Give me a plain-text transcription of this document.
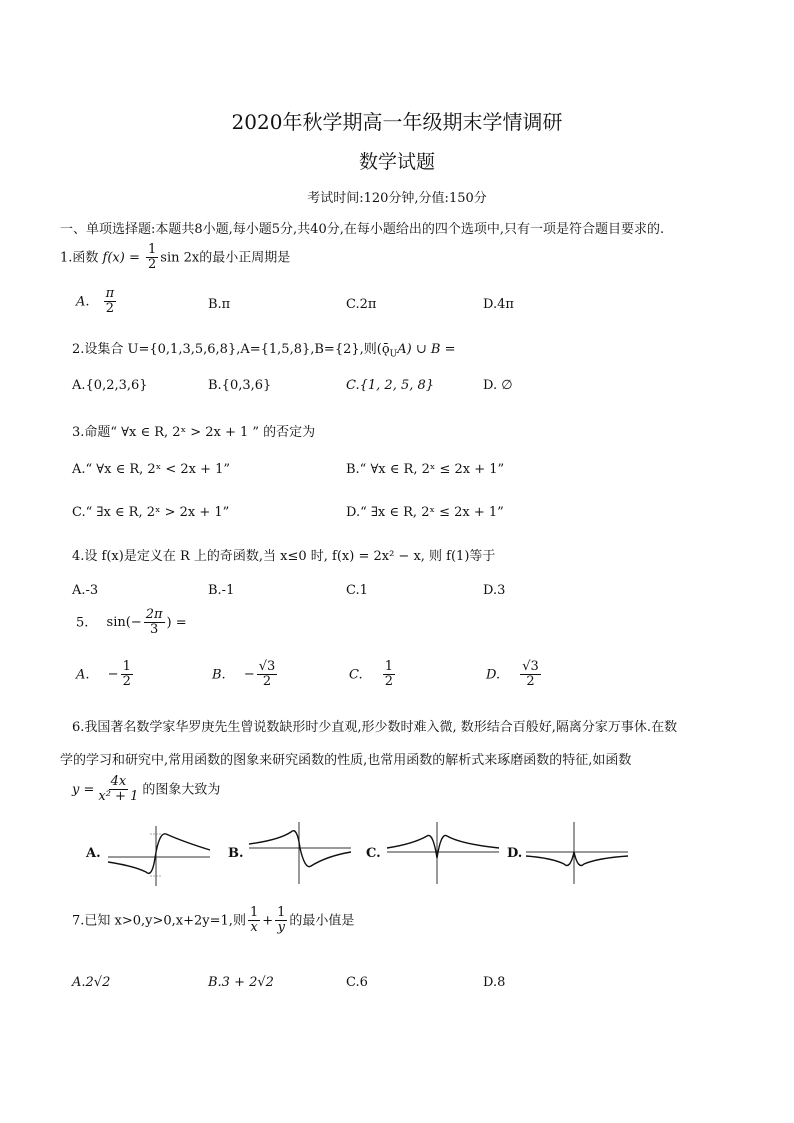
2020年秋学期高一年级期末学情调研
数学试题
考试时间:120分钟,分值:150分
一、单项选择题:本题共8小题,每小题5分,共40分,在每小题给出的四个选项中,只有一项是符合题目要求的.
1.函数 $f(x) = \frac{1}{2}$ sin 2x的最小正周期是
A. $\frac{\pi}{2}$	B.π	C.2π	D.4π
2.设集合 U={0,1,3,5,6,8},A={1,5,8},B={2},则$(ǭ_UA)$ ∪ B =
A.{0,2,3,6}	B.{0,3,6}	C.{1, 2, 5, 8}	D. ∅
3.命题“ ∀x ∈ R, 2ˣ > 2x + 1 ” 的否定为
A.“ ∀x ∈ R, 2ˣ < 2x + 1”	B.“ ∀x ∈ R, 2ˣ ≤ 2x + 1”
C.“ ∃x ∈ R, 2ˣ > 2x + 1”	D.“ ∃x ∈ R, 2ˣ ≤ 2x + 1”
4.设 f(x)是定义在 R 上的奇函数,当 x≤0 时, f(x) = 2x² − x, 则 f(1)等于
A.-3	B.-1	C.1	D.3
5. $\sin(- \frac{2\pi}{3}$ ) =
A. − $\frac{1}{2}$	B. − $\frac{√3}{2}$	C. $\frac{1}{2}$	D. $\frac{√3}{2}$
6.我国著名数学家华罗庚先生曾说数缺形时少直观,形少数时难入微, 数形结合百般好,隔离分家万事休.在数
学的学习和研究中,常用函数的图象来研究函数的性质,也常用函数的解析式来琢磨函数的特征,如函数
$y = \frac{4x}{\text{x² + 1}}$ 的图象大致为
A.	B.	C.	D.
7.已知 x>0,y>0,x+2y=1,则 $\frac{1}{x} + \frac{1}{y}$ 的最小值是
A.2√2	B.3 + 2√2	C.6	D.8
